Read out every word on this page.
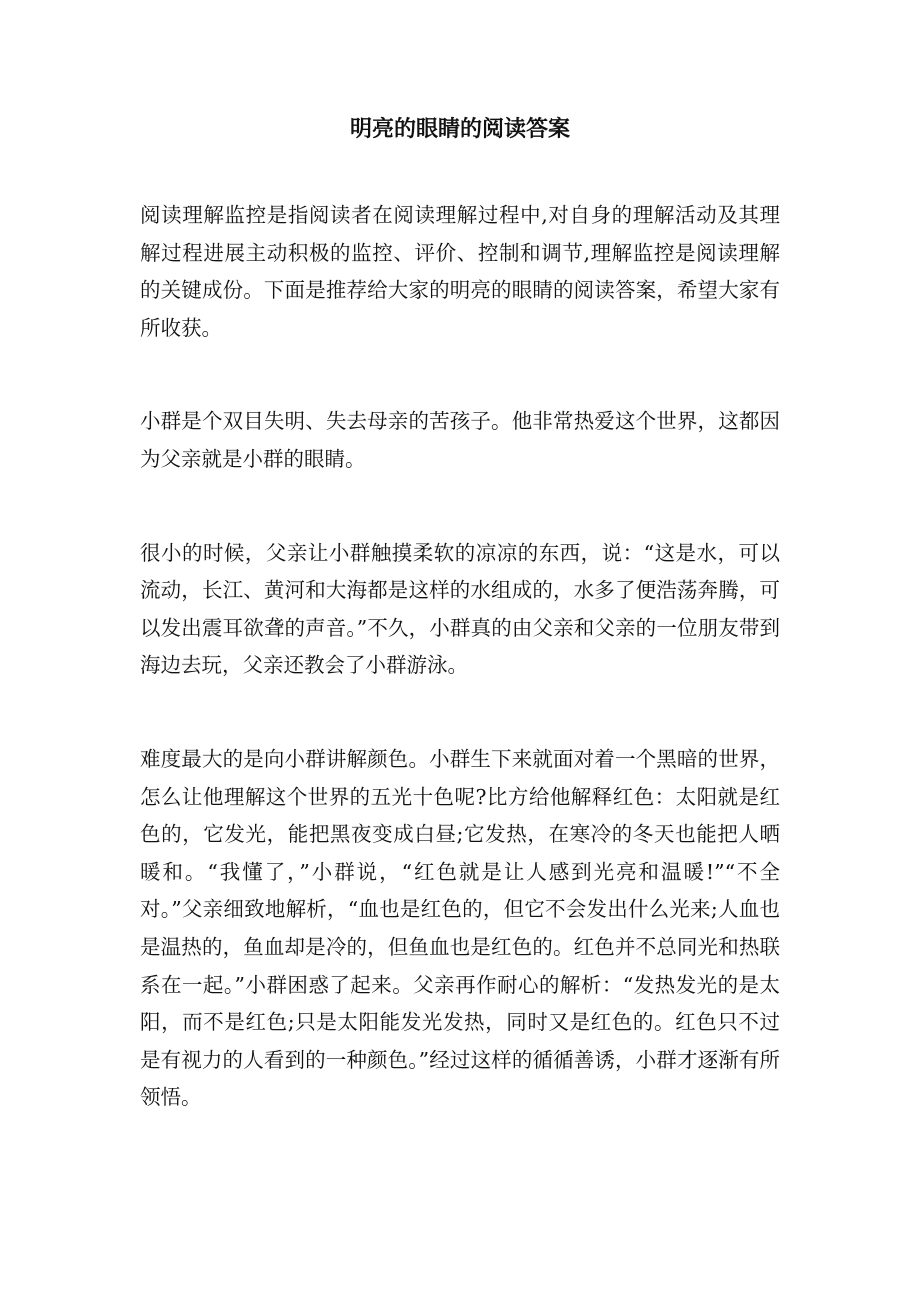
明亮的眼睛的阅读答案

阅读理解监控是指阅读者在阅读理解过程中,对自身的理解活动及其理解过程进展主动积极的监控、评价、控制和调节,理解监控是阅读理解的关键成份。下面是推荐给大家的明亮的眼睛的阅读答案，希望大家有所收获。

小群是个双目失明、失去母亲的苦孩子。他非常热爱这个世界，这都因为父亲就是小群的眼睛。

很小的时候，父亲让小群触摸柔软的凉凉的东西，说：“这是水，可以流动，长江、黄河和大海都是这样的水组成的，水多了便浩荡奔腾，可以发出震耳欲聋的声音。”不久，小群真的由父亲和父亲的一位朋友带到海边去玩，父亲还教会了小群游泳。

难度最大的是向小群讲解颜色。小群生下来就面对着一个黑暗的世界，怎么让他理解这个世界的五光十色呢?比方给他解释红色：太阳就是红色的，它发光，能把黑夜变成白昼;它发热，在寒冷的冬天也能把人晒暖和。“我懂了，”小群说，“红色就是让人感到光亮和温暖!”“不全对。”父亲细致地解析，“血也是红色的，但它不会发出什么光来;人血也是温热的，鱼血却是冷的，但鱼血也是红色的。红色并不总同光和热联系在一起。”小群困惑了起来。父亲再作耐心的解析：“发热发光的是太阳，而不是红色;只是太阳能发光发热，同时又是红色的。红色只不过是有视力的人看到的一种颜色。”经过这样的循循善诱，小群才逐渐有所领悟。
